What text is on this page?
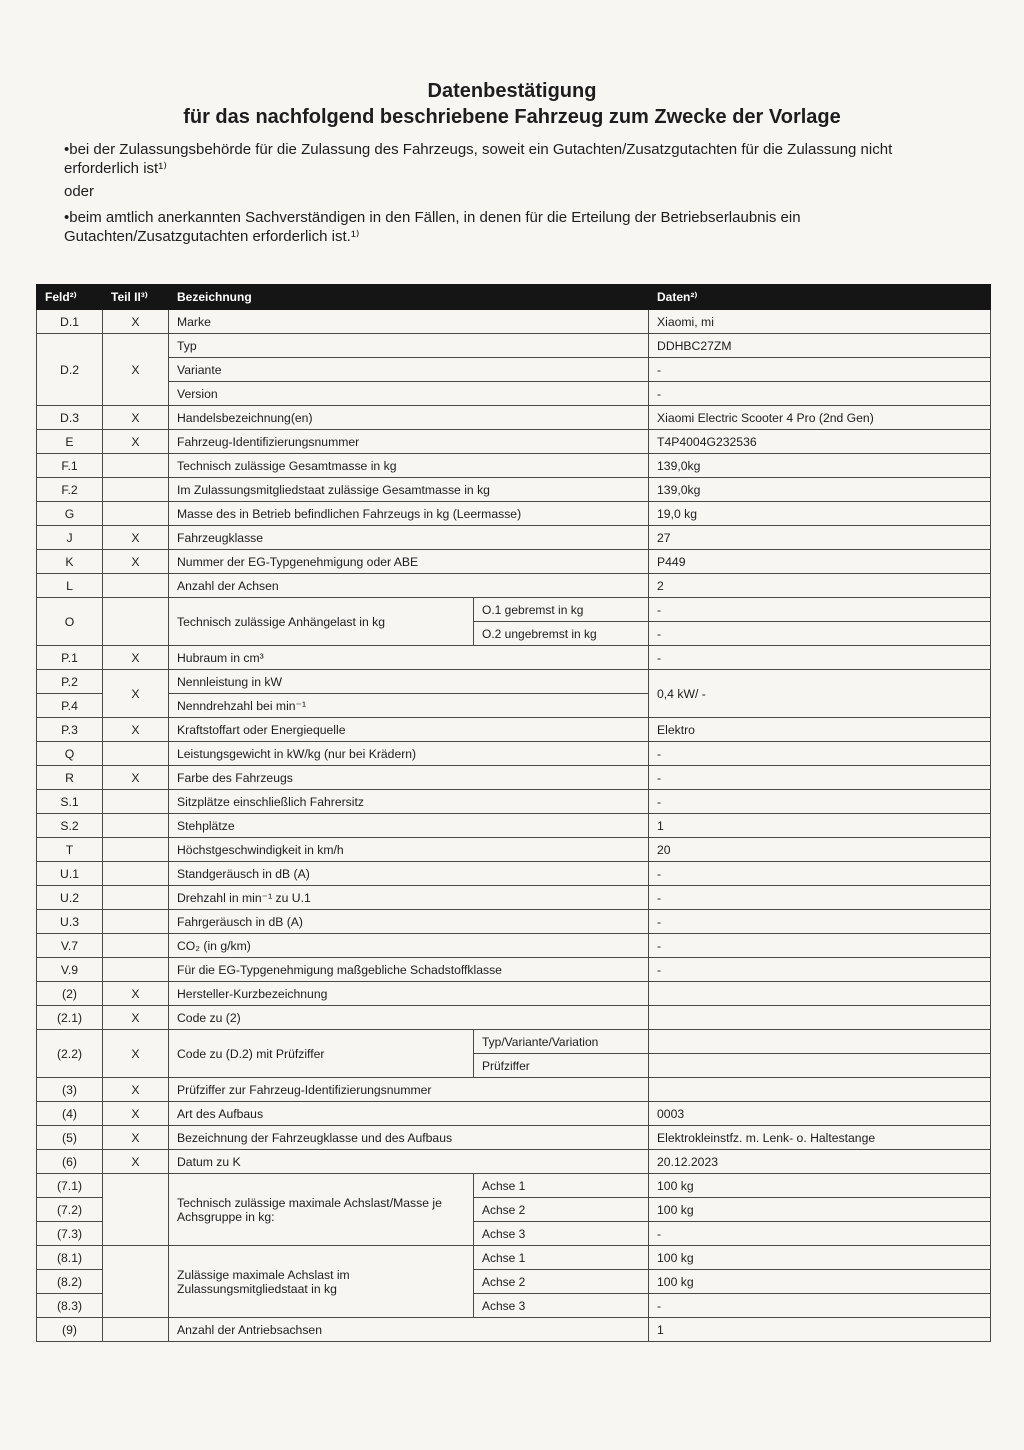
Datenbestätigung
für das nachfolgend beschriebene Fahrzeug zum Zwecke der Vorlage
•bei der Zulassungsbehörde für die Zulassung des Fahrzeugs, soweit ein Gutachten/Zusatzgutachten für die Zulassung nicht erforderlich ist¹⁾
oder
•beim amtlich anerkannten Sachverständigen in den Fällen, in denen für die Erteilung der Betriebserlaubnis ein Gutachten/Zusatzgutachten erforderlich ist.¹⁾
Feld²⁾	Teil II³⁾	Bezeichnung		Daten²⁾
D.1	X	Marke		Xiaomi, mi
D.2	X	Typ		DDHBC27ZM
		Variante		-
		Version		-
D.3	X	Handelsbezeichnung(en)		Xiaomi Electric Scooter 4 Pro (2nd Gen)
E	X	Fahrzeug-Identifizierungsnummer		T4P4004G232536
F.1		Technisch zulässige Gesamtmasse in kg		139,0kg
F.2		Im Zulassungsmitgliedstaat zulässige Gesamtmasse in kg		139,0kg
G		Masse des in Betrieb befindlichen Fahrzeugs in kg (Leermasse)		19,0 kg
J	X	Fahrzeugklasse		27
K	X	Nummer der EG-Typgenehmigung oder ABE		P449
L		Anzahl der Achsen		2
O		Technisch zulässige Anhängelast in kg	O.1 gebremst in kg	-
			O.2 ungebremst in kg	-
P.1	X	Hubraum in cm³		-
P.2	X	Nennleistung in kW		0,4 kW/ -
P.4		Nenndrehzahl bei min⁻¹		
P.3	X	Kraftstoffart oder Energiequelle		Elektro
Q		Leistungsgewicht in kW/kg (nur bei Krädern)		-
R	X	Farbe des Fahrzeugs		-
S.1		Sitzplätze einschließlich Fahrersitz		-
S.2		Stehplätze		1
T		Höchstgeschwindigkeit in km/h		20
U.1		Standgeräusch in dB (A)		-
U.2		Drehzahl in min⁻¹ zu U.1		-
U.3		Fahrgeräusch in dB (A)		-
V.7		CO₂ (in g/km)		-
V.9		Für die EG-Typgenehmigung maßgebliche Schadstoffklasse		-
(2)	X	Hersteller-Kurzbezeichnung		
(2.1)	X	Code zu (2)		
(2.2)	X	Code zu (D.2) mit Prüfziffer	Typ/Variante/Variation	
			Prüfziffer	
(3)	X	Prüfziffer zur Fahrzeug-Identifizierungsnummer		
(4)	X	Art des Aufbaus		0003
(5)	X	Bezeichnung der Fahrzeugklasse und des Aufbaus		Elektrokleinstfz. m. Lenk- o. Haltestange
(6)	X	Datum zu K		20.12.2023
(7.1)		Technisch zulässige maximale Achslast/Masse je Achsgruppe in kg:	Achse 1	100 kg
(7.2)			Achse 2	100 kg
(7.3)			Achse 3	-
(8.1)		Zulässige maximale Achslast im Zulassungsmitgliedstaat in kg	Achse 1	100 kg
(8.2)			Achse 2	100 kg
(8.3)			Achse 3	-
(9)		Anzahl der Antriebsachsen		1
